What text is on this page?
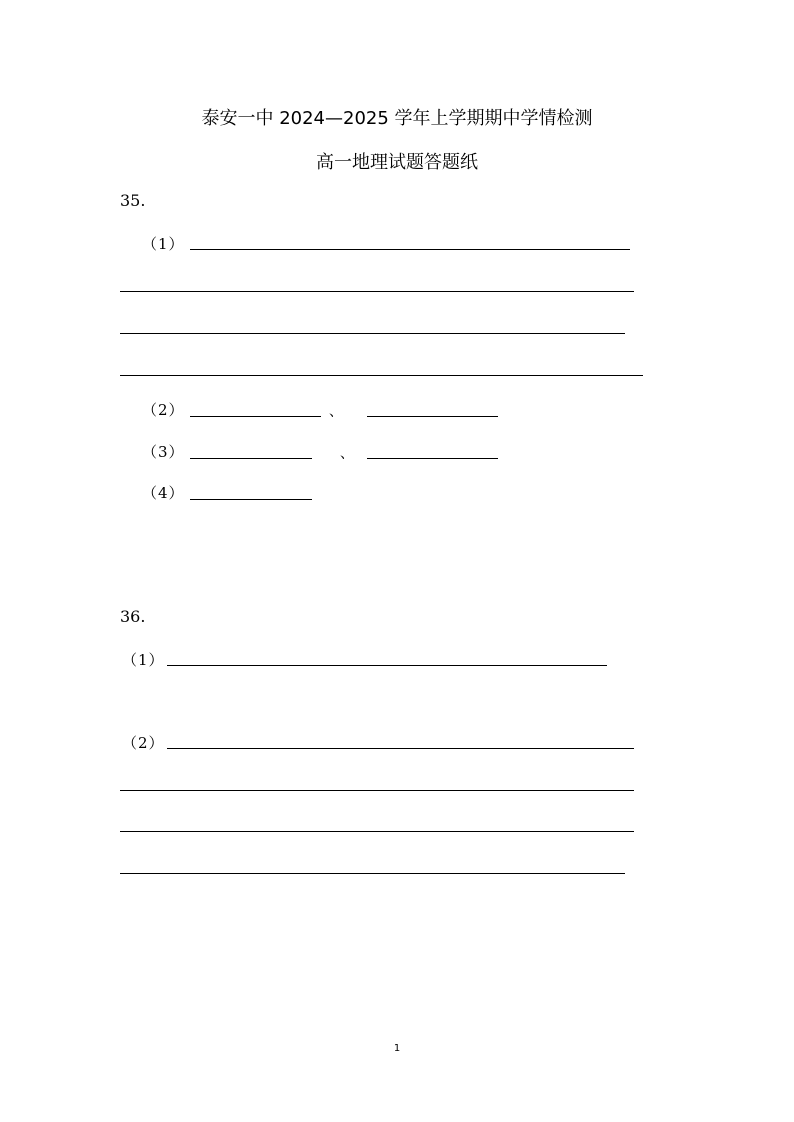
泰安一中 2024—2025 学年上学期期中学情检测
高一地理试题答题纸
35.
（1）
（2）	、
（3）	、
（4）
36.
（1）
（2）
1
